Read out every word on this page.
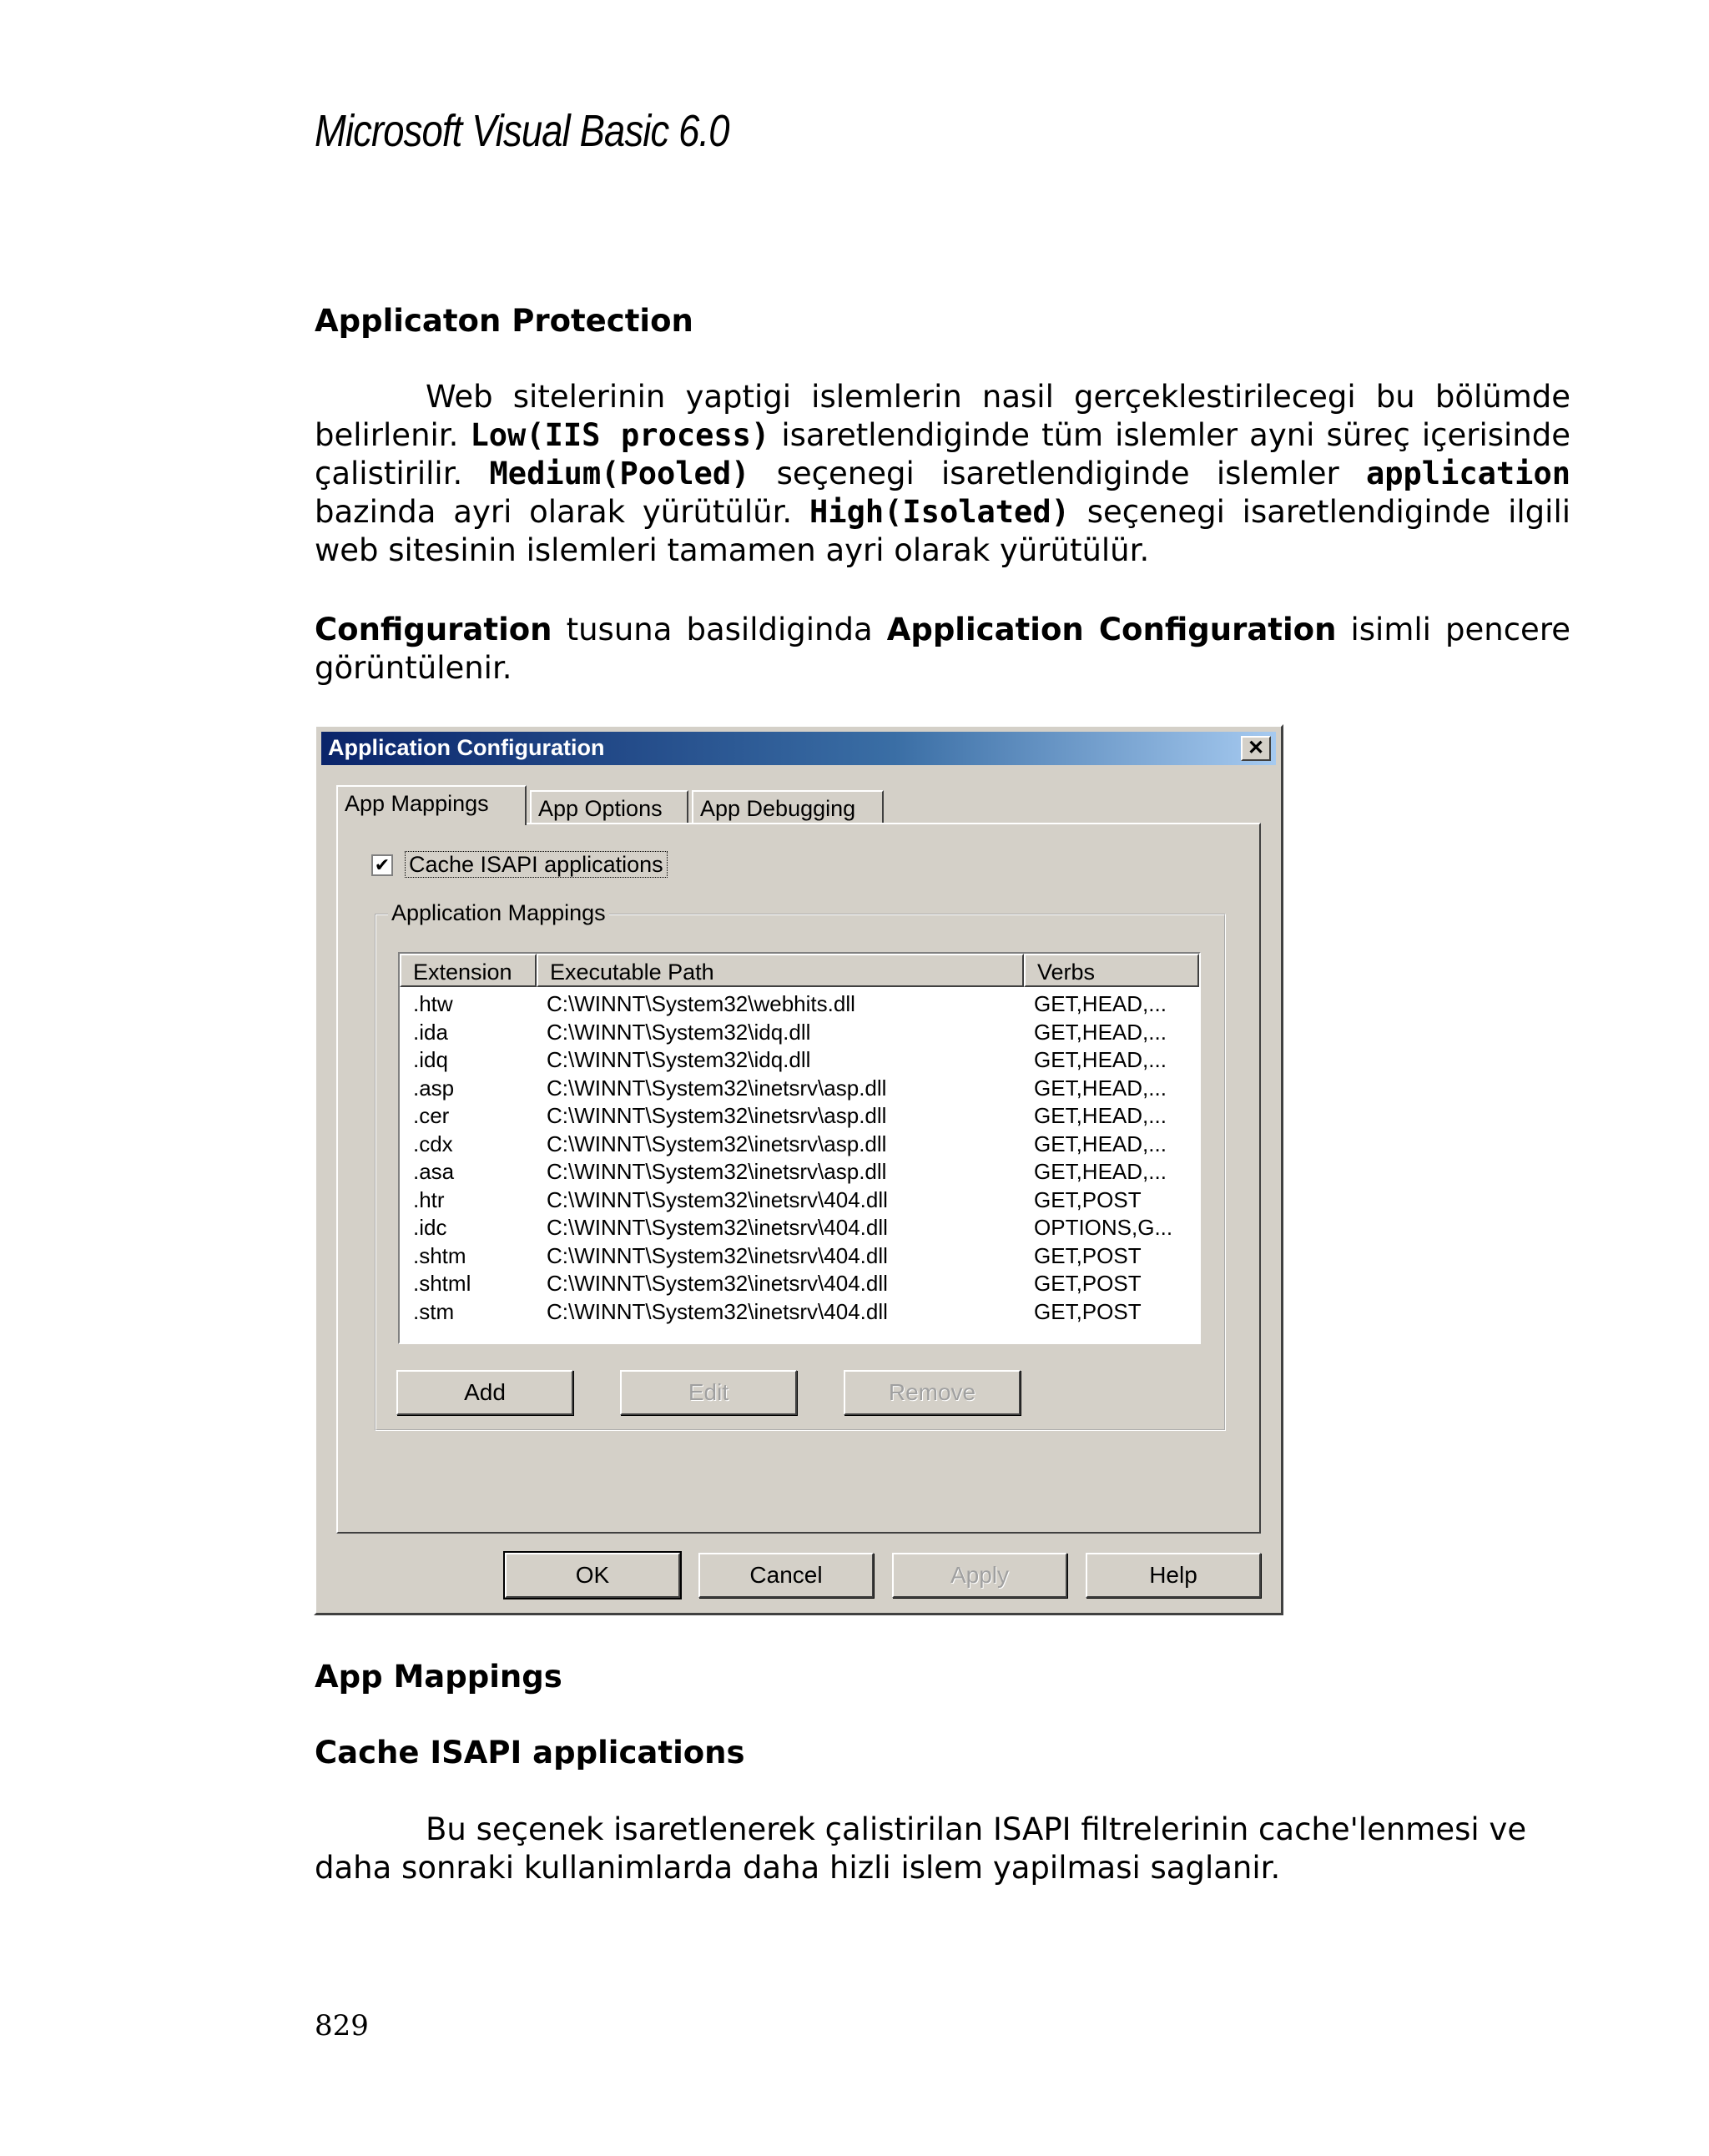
Microsoft Visual Basic 6.0
Applicaton Protection
Web sitelerinin yaptigi islemlerin nasil gerçeklestirilecegi bu bölümde belirlenir. Low(IIS process) isaretlendiginde tüm islemler ayni süreç içerisinde çalistirilir. Medium(Pooled) seçenegi isaretlendiginde islemler application bazinda ayri olarak yürütülür. High(Isolated) seçenegi isaretlendiginde ilgili web sitesinin islemleri tamamen ayri olarak yürütülür.
Configuration tusuna basildiginda Application Configuration isimli pencere görüntülenir.
Application Configuration	✕
App Mappings	App Options	App Debugging
✔ Cache ISAPI applications
Application Mappings
Extension	Executable Path	Verbs
.htw	C:\WINNT\System32\webhits.dll	GET,HEAD,...
.ida	C:\WINNT\System32\idq.dll	GET,HEAD,...
.idq	C:\WINNT\System32\idq.dll	GET,HEAD,...
.asp	C:\WINNT\System32\inetsrv\asp.dll	GET,HEAD,...
.cer	C:\WINNT\System32\inetsrv\asp.dll	GET,HEAD,...
.cdx	C:\WINNT\System32\inetsrv\asp.dll	GET,HEAD,...
.asa	C:\WINNT\System32\inetsrv\asp.dll	GET,HEAD,...
.htr	C:\WINNT\System32\inetsrv\404.dll	GET,POST
.idc	C:\WINNT\System32\inetsrv\404.dll	OPTIONS,G...
.shtm	C:\WINNT\System32\inetsrv\404.dll	GET,POST
.shtml	C:\WINNT\System32\inetsrv\404.dll	GET,POST
.stm	C:\WINNT\System32\inetsrv\404.dll	GET,POST
Add	Edit	Remove
OK	Cancel	Apply	Help
App Mappings
Cache ISAPI applications
Bu seçenek isaretlenerek çalistirilan ISAPI filtrelerinin cache'lenmesi ve daha sonraki kullanimlarda daha hizli islem yapilmasi saglanir.
829
